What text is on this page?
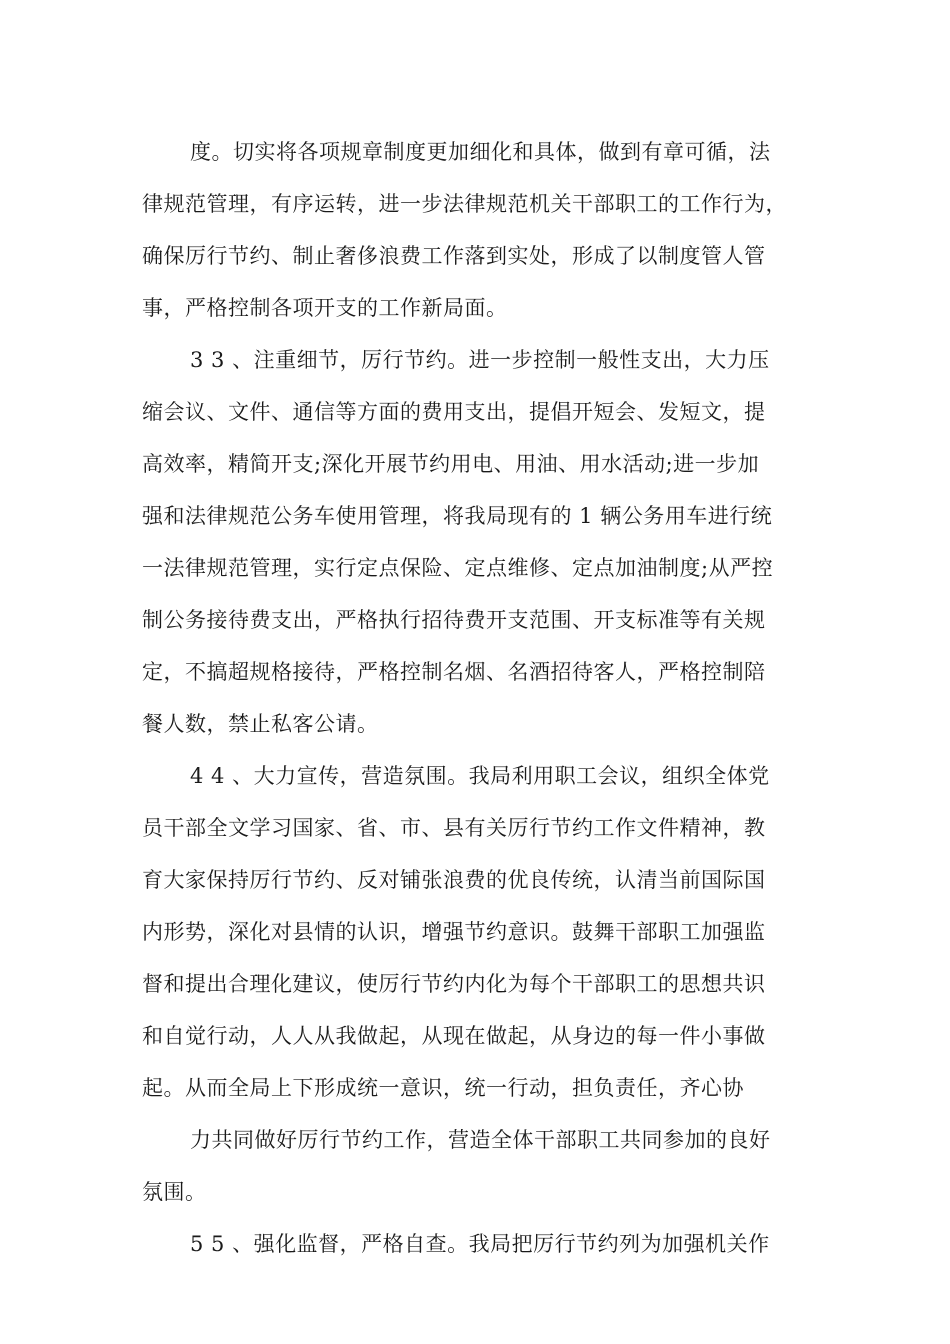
度。切实将各项规章制度更加细化和具体，做到有章可循，法
律规范管理，有序运转，进一步法律规范机关干部职工的工作行为，
确保厉行节约、制止奢侈浪费工作落到实处，形成了以制度管人管
事，严格控制各项开支的工作新局面。
3 3 、注重细节，厉行节约。进一步控制一般性支出，大力压
缩会议、文件、通信等方面的费用支出，提倡开短会、发短文，提
高效率，精简开支;深化开展节约用电、用油、用水活动;进一步加
强和法律规范公务车使用管理，将我局现有的 1 辆公务用车进行统
一法律规范管理，实行定点保险、定点维修、定点加油制度;从严控
制公务接待费支出，严格执行招待费开支范围、开支标准等有关规
定，不搞超规格接待，严格控制名烟、名酒招待客人，严格控制陪
餐人数，禁止私客公请。
4 4 、大力宣传，营造氛围。我局利用职工会议，组织全体党
员干部全文学习国家、省、市、县有关厉行节约工作文件精神，教
育大家保持厉行节约、反对铺张浪费的优良传统，认清当前国际国
内形势，深化对县情的认识，增强节约意识。鼓舞干部职工加强监
督和提出合理化建议，使厉行节约内化为每个干部职工的思想共识
和自觉行动，人人从我做起，从现在做起，从身边的每一件小事做
起。从而全局上下形成统一意识，统一行动，担负责任，齐心协
力共同做好厉行节约工作，营造全体干部职工共同参加的良好
氛围。
5 5 、强化监督，严格自查。我局把厉行节约列为加强机关作
